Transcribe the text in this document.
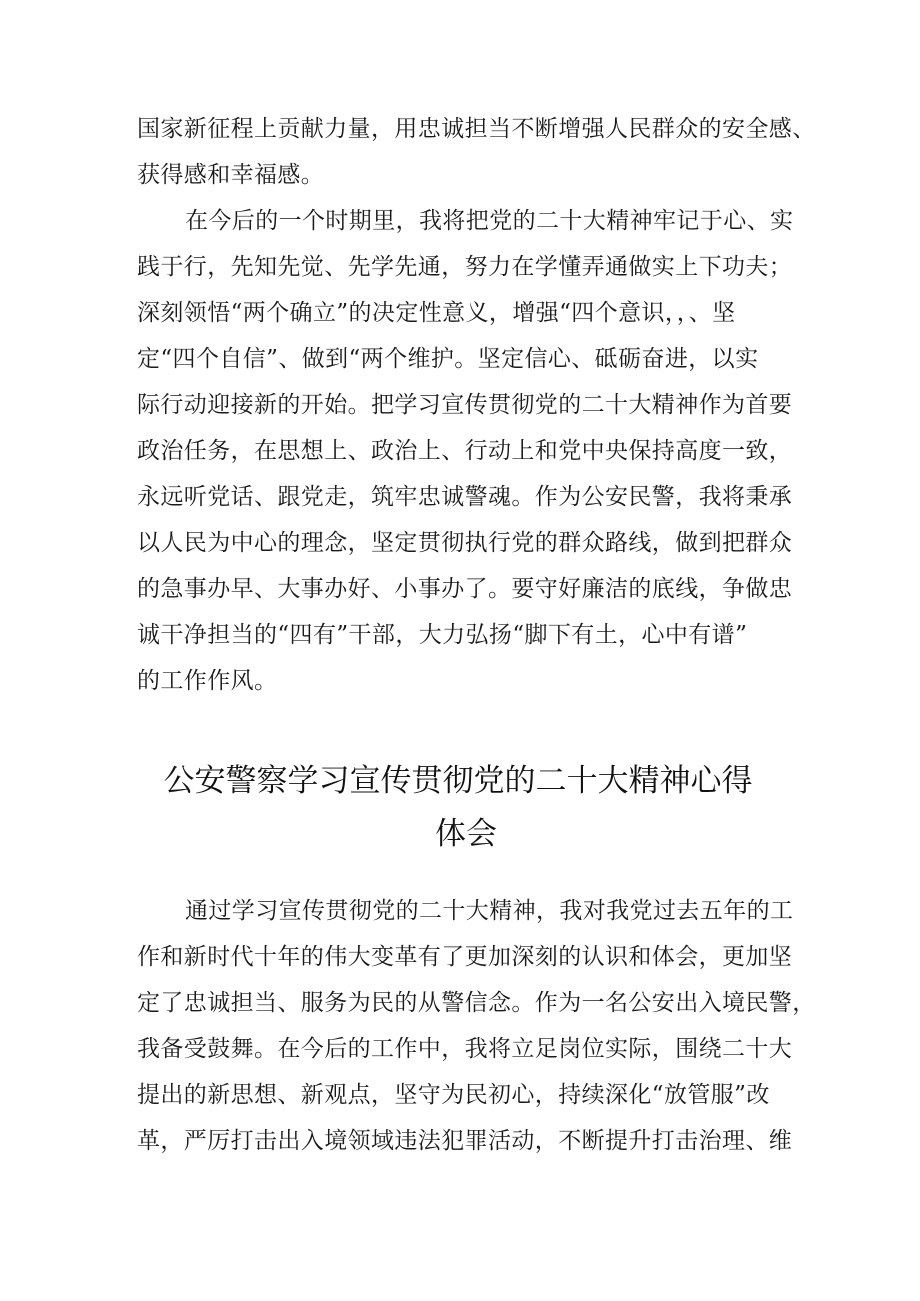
国家新征程上贡献力量，用忠诚担当不断增强人民群众的安全感、
获得感和幸福感。
在今后的一个时期里，我将把党的二十大精神牢记于心、实
践于行，先知先觉、先学先通，努力在学懂弄通做实上下功夫；
深刻领悟“两个确立”的决定性意义，增强“四个意识，，、坚
定“四个自信”、做到“两个维护。坚定信心、砥砺奋进，以实
际行动迎接新的开始。把学习宣传贯彻党的二十大精神作为首要
政治任务，在思想上、政治上、行动上和党中央保持高度一致，
永远听党话、跟党走，筑牢忠诚警魂。作为公安民警，我将秉承
以人民为中心的理念，坚定贯彻执行党的群众路线，做到把群众
的急事办早、大事办好、小事办了。要守好廉洁的底线，争做忠
诚干净担当的“四有”干部，大力弘扬“脚下有土，心中有谱”
的工作作风。
公安警察学习宣传贯彻党的二十大精神心得
体会
通过学习宣传贯彻党的二十大精神，我对我党过去五年的工
作和新时代十年的伟大变革有了更加深刻的认识和体会，更加坚
定了忠诚担当、服务为民的从警信念。作为一名公安出入境民警，
我备受鼓舞。在今后的工作中，我将立足岗位实际，围绕二十大
提出的新思想、新观点，坚守为民初心，持续深化“放管服”改
革，严厉打击出入境领域违法犯罪活动，不断提升打击治理、维
